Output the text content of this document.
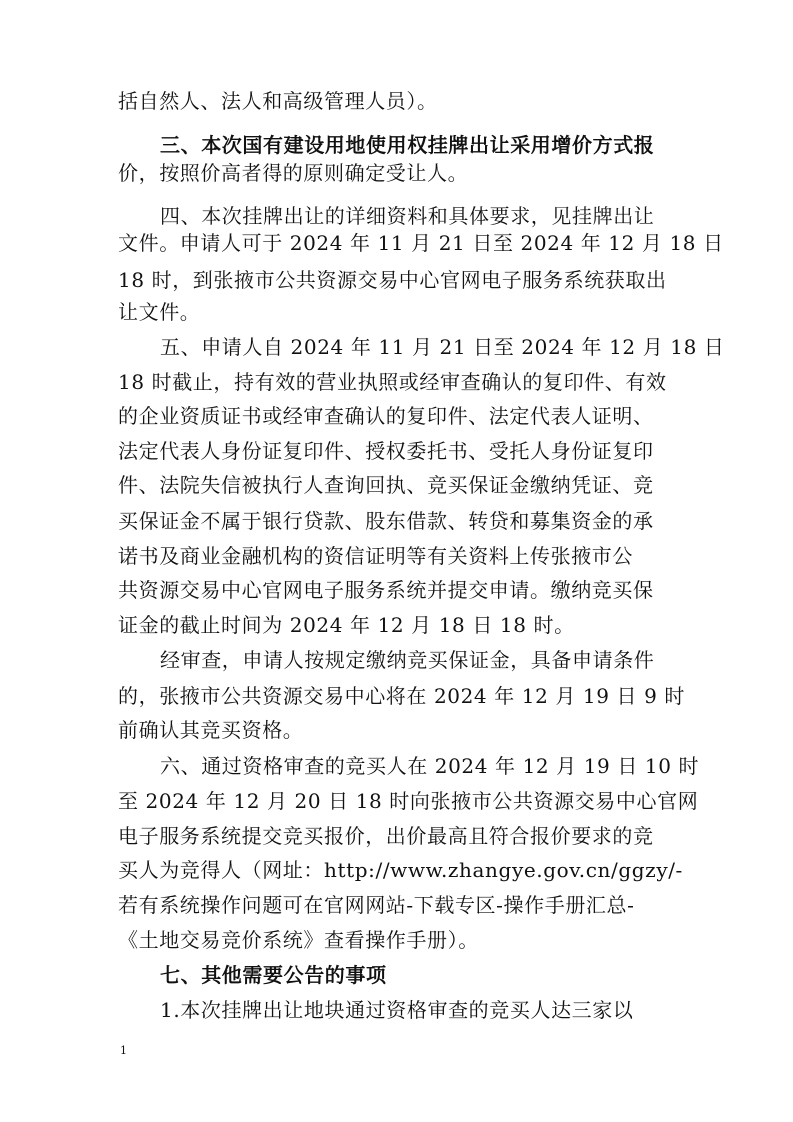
括自然人、法人和高级管理人员）。
三、本次国有建设用地使用权挂牌出让采用增价方式报
价，按照价高者得的原则确定受让人。
四、本次挂牌出让的详细资料和具体要求，见挂牌出让
文件。申请人可于 2024 年 11 月 21 日至 2024 年 12 月 18 日
18 时，到张掖市公共资源交易中心官网电子服务系统获取出
让文件。
五、申请人自 2024 年 11 月 21 日至 2024 年 12 月 18 日
18 时截止，持有效的营业执照或经审查确认的复印件、有效
的企业资质证书或经审查确认的复印件、法定代表人证明、
法定代表人身份证复印件、授权委托书、受托人身份证复印
件、法院失信被执行人查询回执、竞买保证金缴纳凭证、竞
买保证金不属于银行贷款、股东借款、转贷和募集资金的承
诺书及商业金融机构的资信证明等有关资料上传张掖市公
共资源交易中心官网电子服务系统并提交申请。缴纳竞买保
证金的截止时间为 2024 年 12 月 18 日 18 时。
经审查，申请人按规定缴纳竞买保证金，具备申请条件
的，张掖市公共资源交易中心将在 2024 年 12 月 19 日 9 时
前确认其竞买资格。
六、通过资格审查的竞买人在 2024 年 12 月 19 日 10 时
至 2024 年 12 月 20 日 18 时向张掖市公共资源交易中心官网
电子服务系统提交竞买报价，出价最高且符合报价要求的竞
买人为竞得人（网址：http://www.zhangye.gov.cn/ggzy/-
若有系统操作问题可在官网网站-下载专区-操作手册汇总-
《土地交易竞价系统》查看操作手册）。
七、其他需要公告的事项
1.本次挂牌出让地块通过资格审查的竞买人达三家以
1
